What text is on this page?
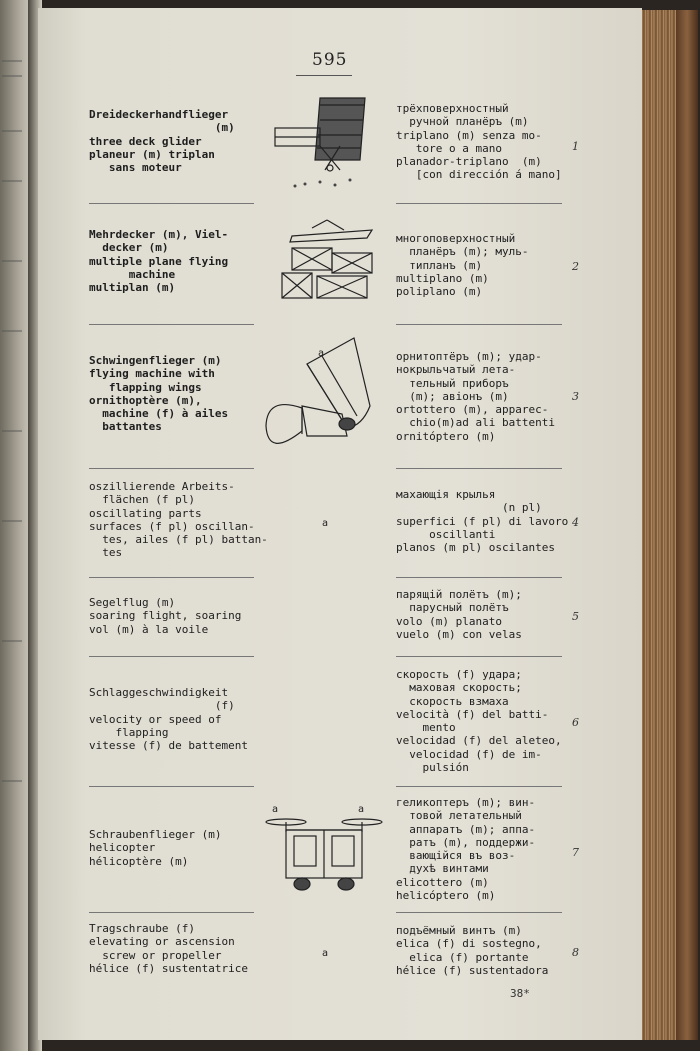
595
Dreideckerhandflieger
(m)
three deck glider
planeur (m) triplan
sans moteur
трёхповерхностный
ручной планёръ (m)
triplano (m) senza mo-
tore o a mano
planador-triplano  (m)
[con dirección á mano]
1
Mehrdecker (m), Viel-
decker (m)
multiple plane flying
machine
multiplan (m)
многоповерхностный
планёръ (m); муль-
типланъ (m)
multiplano (m)
poliplano (m)
2
Schwingenflieger (m)
flying machine with
flapping wings
ornithoptère (m),
machine (f) à ailes
battantes
орнитоптёръ (m); удар-
нокрыльчатый лета-
тельный приборъ
(m); авіонъ (m)
ortottero (m), apparec-
chio(m)ad ali battenti
ornitóptero (m)
3
a
oszillierende Arbeits-
flächen (f pl)
oscillating parts
surfaces (f pl) oscillan-
tes, ailes (f pl) battan-
tes
a
махающія крылья
(n pl)
superfici (f pl) di lavoro
oscillanti
planos (m pl) oscilantes
4
Segelflug (m)
soaring flight, soaring
vol (m) à la voile
парящій полётъ (m);
парусный полётъ
volo (m) planato
vuelo (m) con velas
5
Schlaggeschwindigkeit
(f)
velocity or speed of
flapping
vitesse (f) de battement
скорость (f) удара;
маховая скорость;
скорость взмаха
velocità (f) del batti-
mento
velocidad (f) del aleteo,
velocidad (f) de im-
pulsión
6
Schraubenflieger (m)
helicopter
hélicoptère (m)
геликоптеръ (m); вин-
товой летательный
аппаратъ (m); аппа-
ратъ (m), поддержи-
вающійся въ воз-
духѣ винтами
elicottero (m)
helicóptero (m)
7
a	a
Tragschraube (f)
elevating or ascension
screw or propeller
hélice (f) sustentatrice
a
подъёмный винтъ (m)
elica (f) di sostegno,
elica (f) portante
hélice (f) sustentadora
8
38*
